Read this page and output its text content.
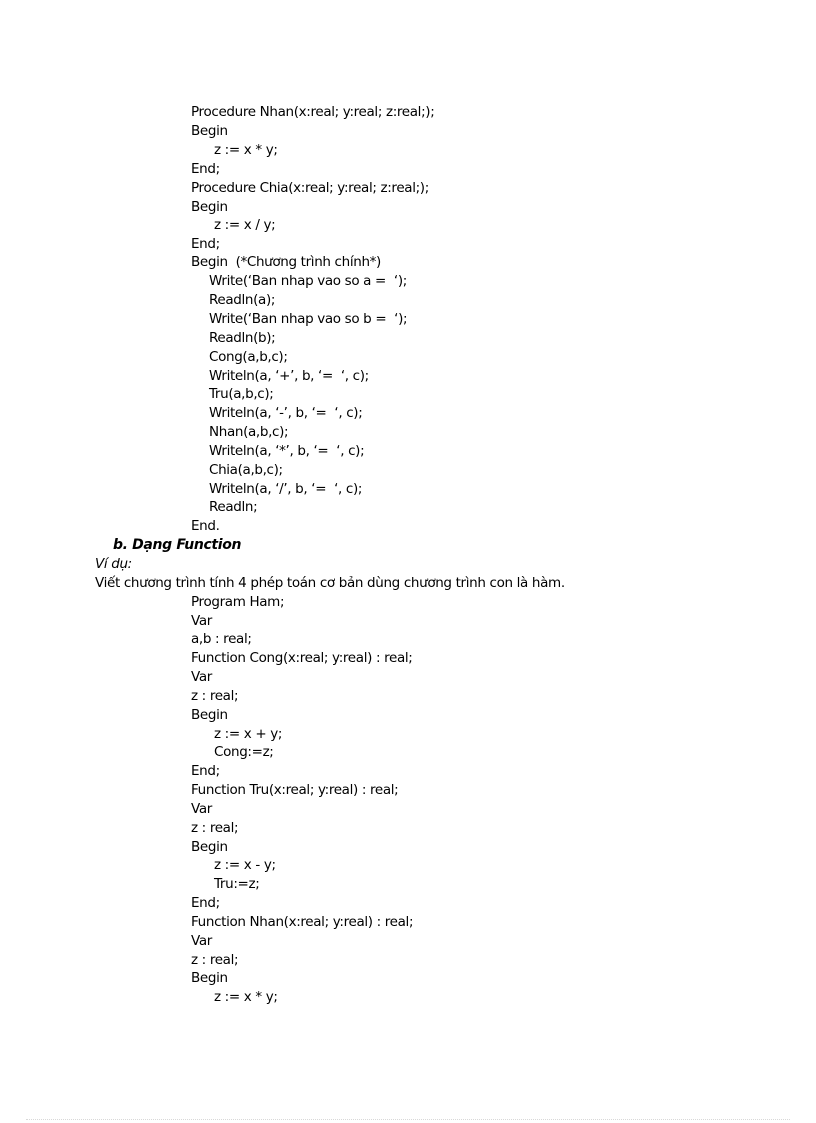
Procedure Nhan(x:real; y:real; z:real;);
Begin
z := x * y;
End;
Procedure Chia(x:real; y:real; z:real;);
Begin
z := x / y;
End;
Begin  (*Chương trình chính*)
Write(‘Ban nhap vao so a =  ‘);
Readln(a);
Write(‘Ban nhap vao so b =  ‘);
Readln(b);
Cong(a,b,c);
Writeln(a, ‘+’, b, ‘=  ‘, c);
Tru(a,b,c);
Writeln(a, ‘-’, b, ‘=  ‘, c);
Nhan(a,b,c);
Writeln(a, ‘*’, b, ‘=  ‘, c);
Chia(a,b,c);
Writeln(a, ‘/’, b, ‘=  ‘, c);
Readln;
End.
b. Dạng Function
Ví dụ:
Viết chương trình tính 4 phép toán cơ bản dùng chương trình con là hàm.
Program Ham;
Var
a,b : real;
Function Cong(x:real; y:real) : real;
Var
z : real;
Begin
z := x + y;
Cong:=z;
End;
Function Tru(x:real; y:real) : real;
Var
z : real;
Begin
z := x - y;
Tru:=z;
End;
Function Nhan(x:real; y:real) : real;
Var
z : real;
Begin
z := x * y;
